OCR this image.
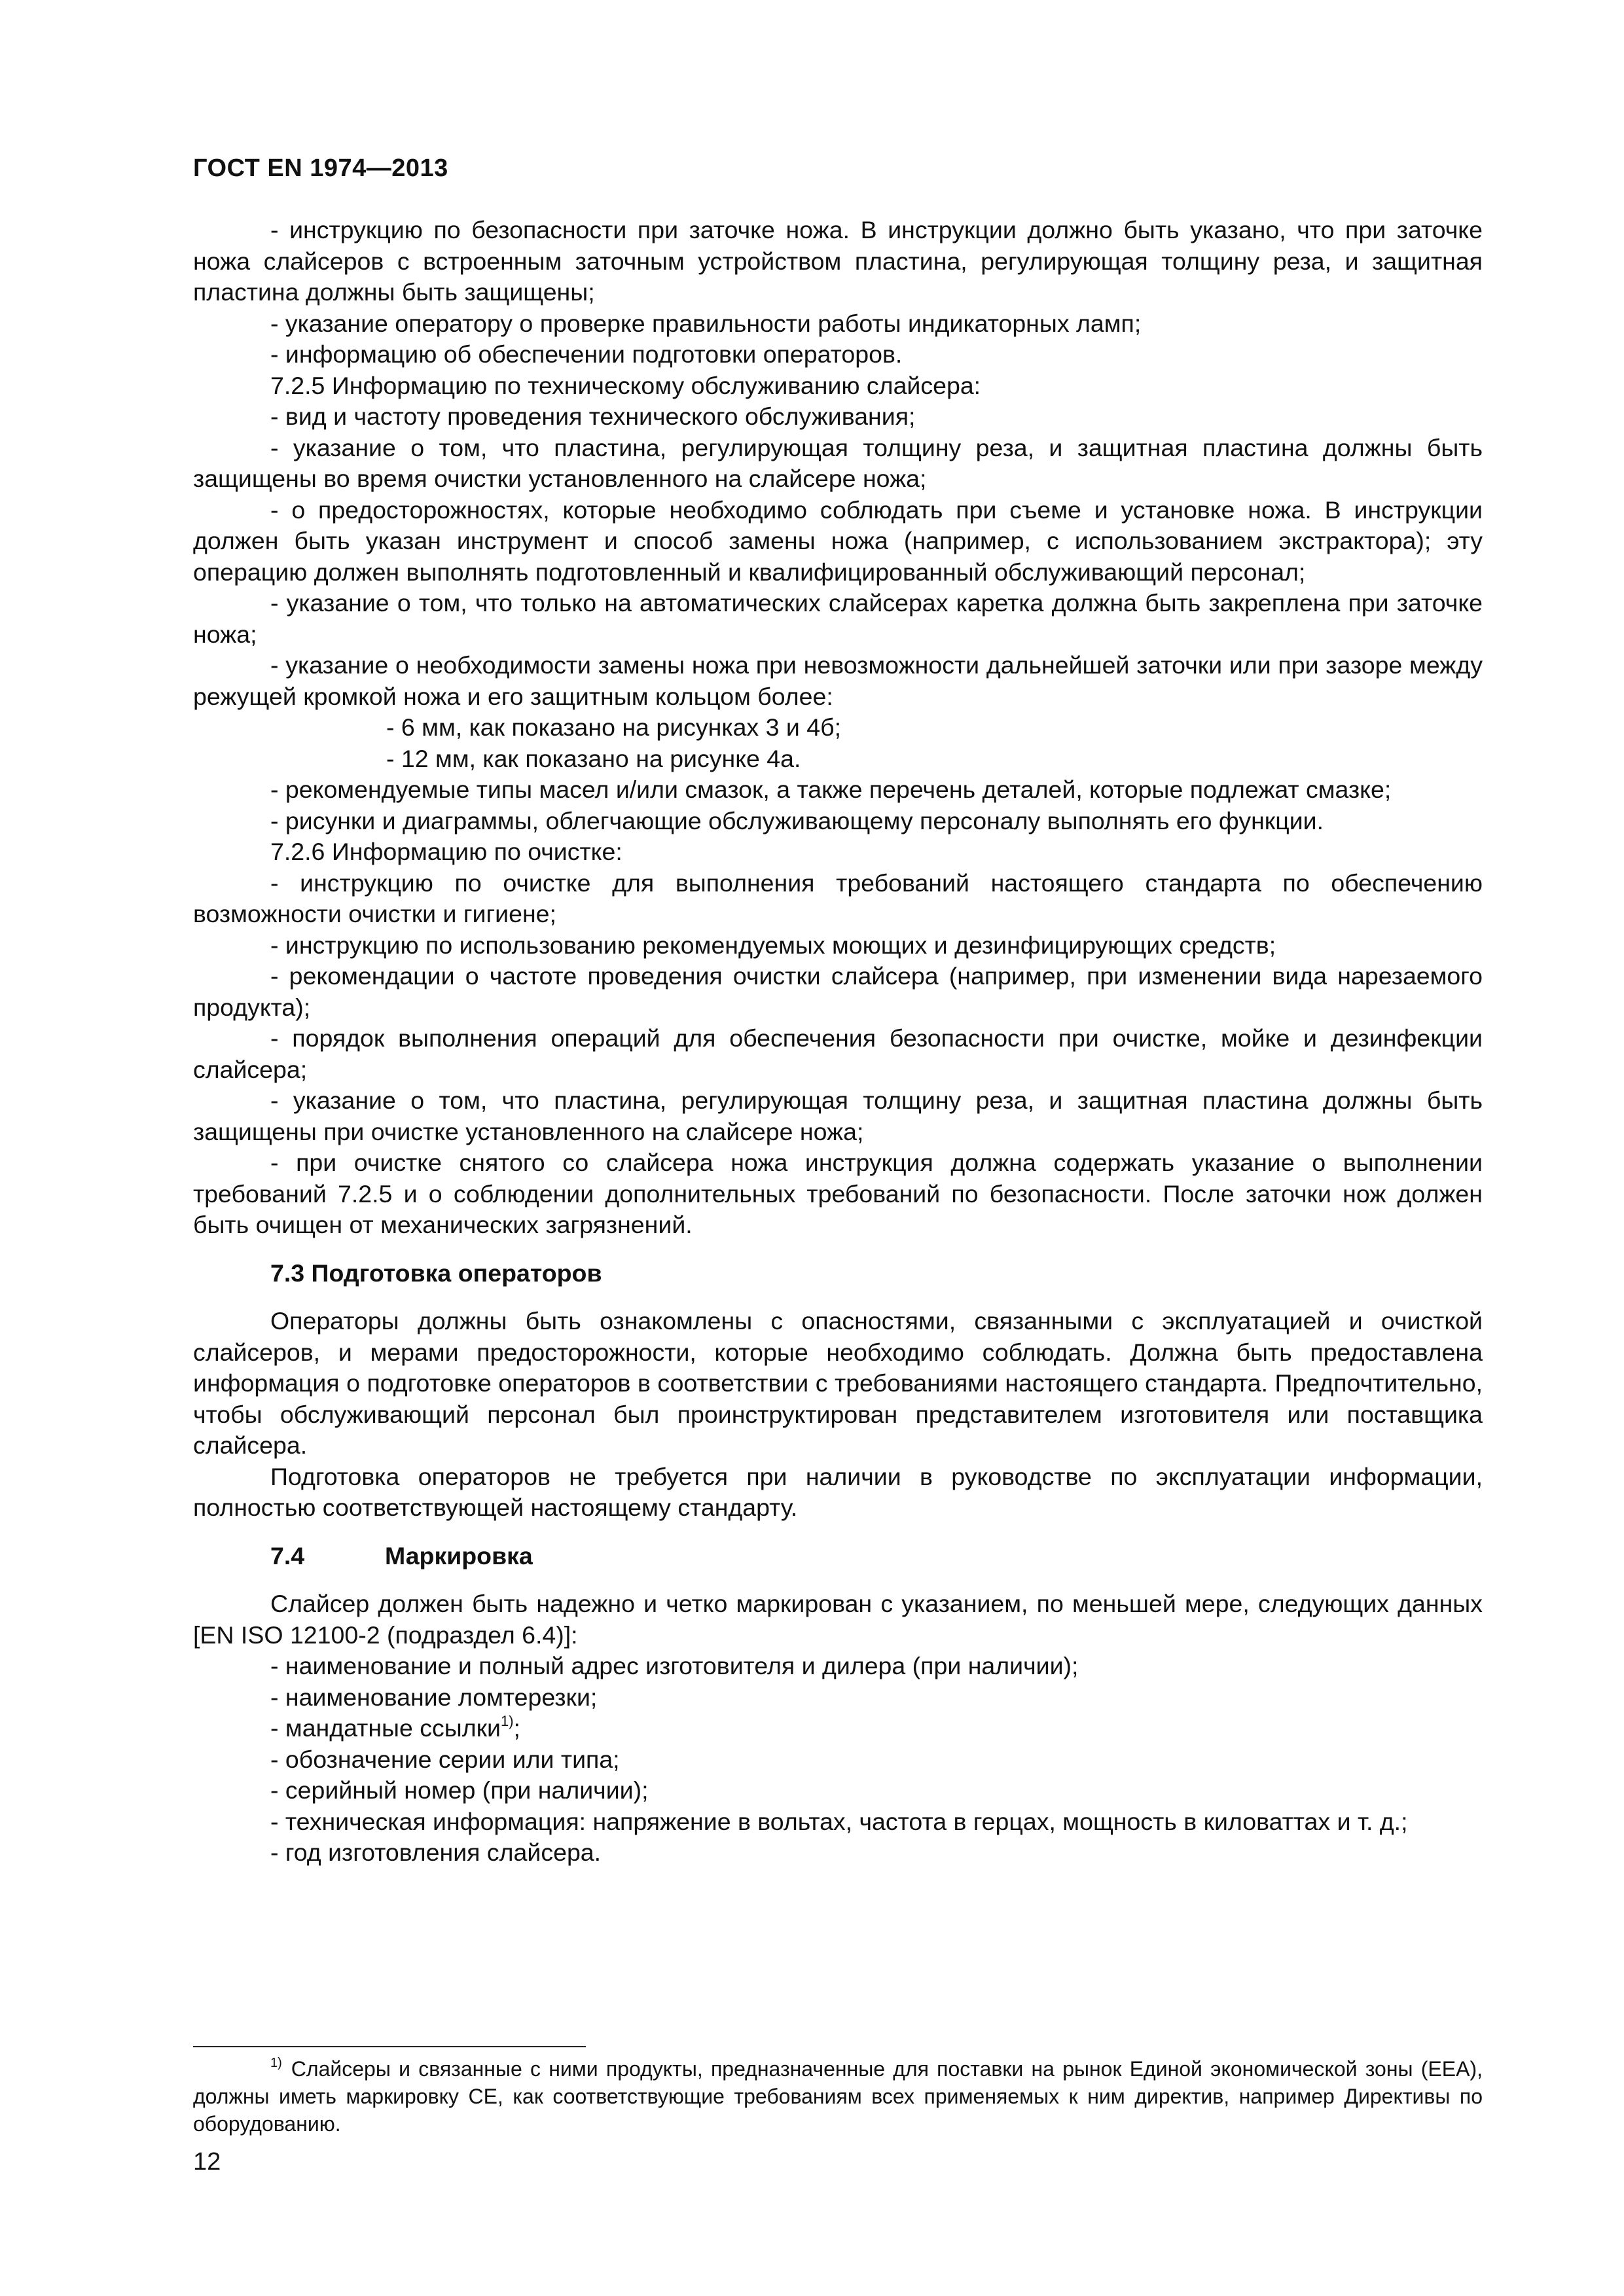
ГОСТ EN 1974—2013

- инструкцию по безопасности при заточке ножа. В инструкции должно быть указано, что при заточке ножа слайсеров с встроенным заточным устройством пластина, регулирующая толщину реза, и защитная пластина должны быть защищены;

- указание оператору о проверке правильности работы индикаторных ламп;

- информацию об обеспечении подготовки операторов.

7.2.5 Информацию по техническому обслуживанию слайсера:

- вид и частоту проведения технического обслуживания;

- указание о том, что пластина, регулирующая толщину реза, и защитная пластина должны быть защищены во время очистки установленного на слайсере ножа;

- о предосторожностях, которые необходимо соблюдать при съеме и установке ножа. В инструкции должен быть указан инструмент и способ замены ножа (например, с использованием экстрактора); эту операцию должен выполнять подготовленный и квалифицированный обслуживающий персонал;

- указание о том, что только на автоматических слайсерах каретка должна быть закреплена при заточке ножа;

- указание о необходимости замены ножа при невозможности дальнейшей заточки или при зазоре между режущей кромкой ножа и его защитным кольцом более:

- 6 мм, как показано на рисунках 3 и 4б;

- 12 мм, как показано на рисунке 4а.

- рекомендуемые типы масел и/или смазок, а также перечень деталей, которые подлежат смазке;

- рисунки и диаграммы, облегчающие обслуживающему персоналу выполнять его функции.

7.2.6 Информацию по очистке:

- инструкцию по очистке для выполнения требований настоящего стандарта по обеспечению возможности очистки и гигиене;

- инструкцию по использованию рекомендуемых моющих и дезинфицирующих средств;

- рекомендации о частоте проведения очистки слайсера (например, при изменении вида нарезаемого продукта);

- порядок выполнения операций для обеспечения безопасности при очистке, мойке и дезинфекции слайсера;

- указание о том, что пластина, регулирующая толщину реза, и защитная пластина должны быть защищены при очистке установленного на слайсере ножа;

- при очистке снятого со слайсера ножа инструкция должна содержать указание о выполнении требований 7.2.5 и о соблюдении дополнительных требований по безопасности. После заточки нож должен быть очищен от механических загрязнений.

7.3 Подготовка операторов

Операторы должны быть ознакомлены с опасностями, связанными с эксплуатацией и очисткой слайсеров, и мерами предосторожности, которые необходимо соблюдать. Должна быть предоставлена информация о подготовке операторов в соответствии с требованиями настоящего стандарта. Предпочтительно, чтобы обслуживающий персонал был проинструктирован представителем изготовителя или поставщика слайсера.

Подготовка операторов не требуется при наличии в руководстве по эксплуатации информации, полностью соответствующей настоящему стандарту.

7.4	Маркировка

Слайсер должен быть надежно и четко маркирован с указанием, по меньшей мере, следующих данных [EN ISO 12100-2 (подраздел 6.4)]:

- наименование и полный адрес изготовителя и дилера (при наличии);

- наименование ломтерезки;

- мандатные ссылки$^{1)}$;

- обозначение серии или типа;

- серийный номер (при наличии);

- техническая информация: напряжение в вольтах, частота в герцах, мощность в киловаттах и т. д.;

- год изготовления слайсера.

$^{1)}$ Слайсеры и связанные с ними продукты, предназначенные для поставки на рынок Единой экономической зоны (EEA), должны иметь маркировку CE, как соответствующие требованиям всех применяемых к ним директив, например Директивы по оборудованию.

12
